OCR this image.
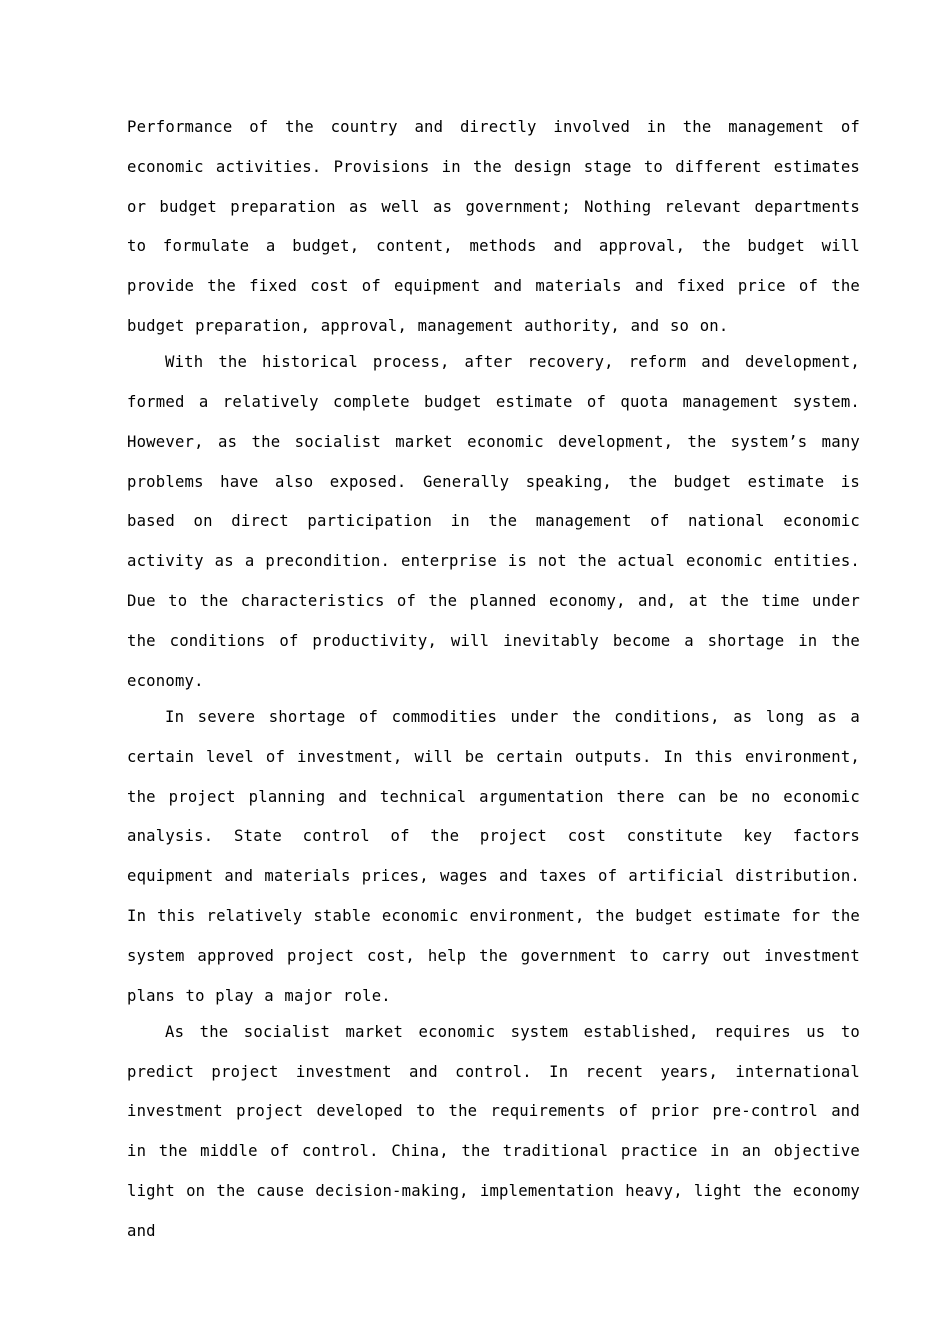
Performance of the country and directly involved in the management of economic activities. Provisions in the design stage to different estimates or budget preparation as well as government; Nothing relevant departments to formulate a budget, content, methods and approval, the budget will provide the fixed cost of equipment and materials and fixed price of the budget preparation, approval, management authority, and so on.

With the historical process, after recovery, reform and development, formed a relatively complete budget estimate of quota management system. However, as the socialist market economic development, the system’s many problems have also exposed. Generally speaking, the budget estimate is based on direct participation in the management of national economic activity as a precondition. enterprise is not the actual economic entities. Due to the characteristics of the planned economy, and, at the time under the conditions of productivity, will inevitably become a shortage in the economy.

In severe shortage of commodities under the conditions, as long as a certain level of investment, will be certain outputs. In this environment, the project planning and technical argumentation there can be no economic analysis. State control of the project cost constitute key factors equipment and materials prices, wages and taxes of artificial distribution. In this relatively stable economic environment, the budget estimate for the system approved project cost, help the government to carry out investment plans to play a major role.

As the socialist market economic system established, requires us to predict project investment and control. In recent years, international investment project developed to the requirements of prior pre-control and in the middle of control. China, the traditional practice in an objective light on the cause decision-making, implementation heavy, light the economy and
